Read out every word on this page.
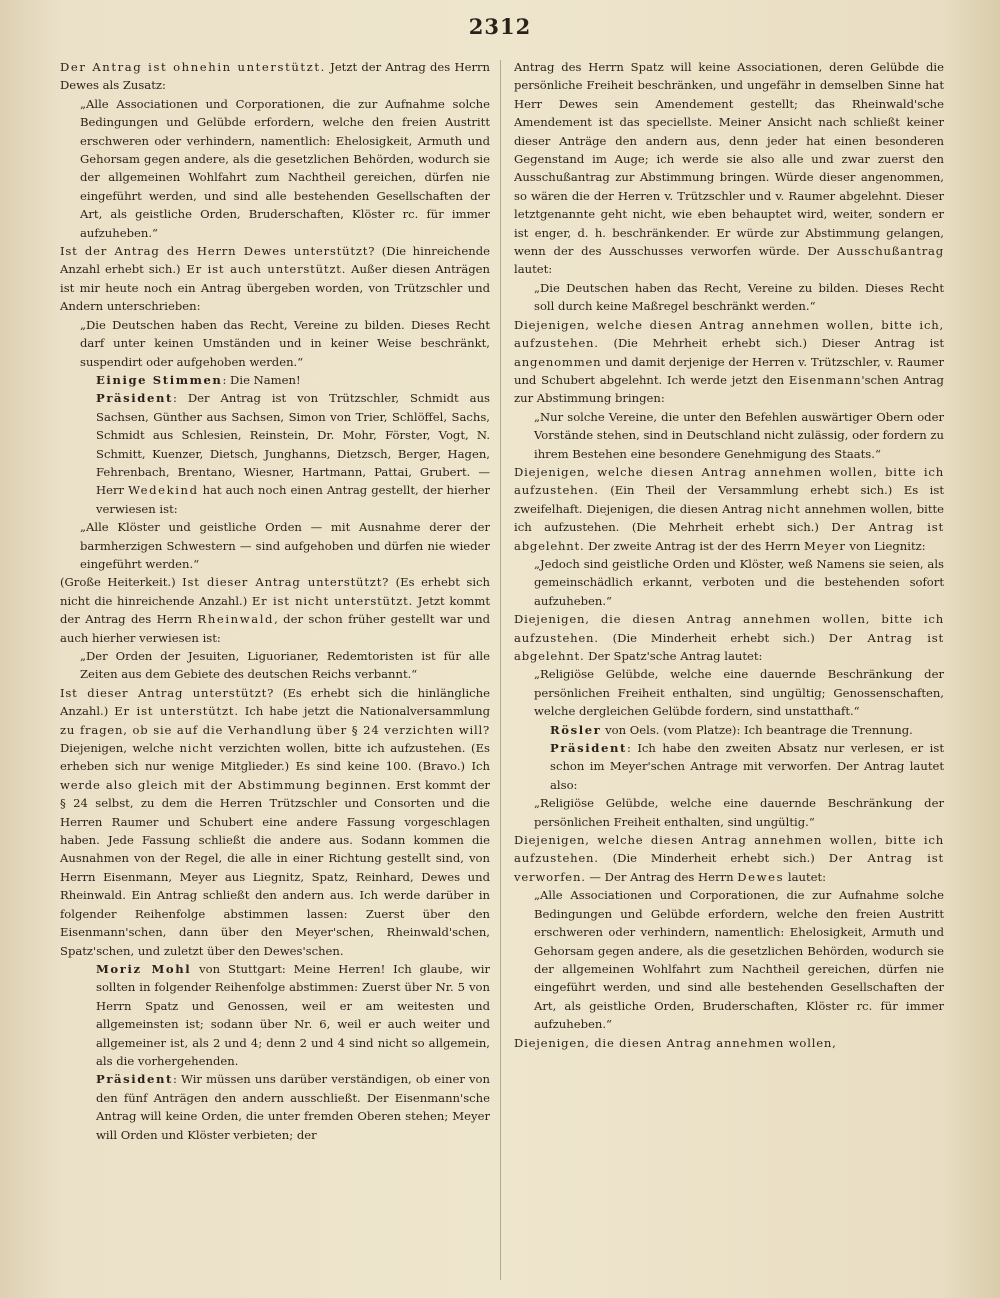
2312

Der Antrag ist ohnehin unterstützt. Jetzt der Antrag des Herrn Dewes als Zusatz:

„Alle Associationen und Corporationen, die zur Aufnahme solche Bedingungen und Gelübde erfordern, welche den freien Austritt erschweren oder verhindern, namentlich: Ehelosigkeit, Armuth und Gehorsam gegen andere, als die gesetzlichen Behörden, wodurch sie der allgemeinen Wohlfahrt zum Nachtheil gereichen, dürfen nie eingeführt werden, und sind alle bestehenden Gesellschaften der Art, als geistliche Orden, Bruderschaften, Klöster rc. für immer aufzuheben.“

Ist der Antrag des Herrn Dewes unterstützt? (Die hinreichende Anzahl erhebt sich.) Er ist auch unterstützt. Außer diesen Anträgen ist mir heute noch ein Antrag übergeben worden, von Trützschler und Andern unterschrieben:

„Die Deutschen haben das Recht, Vereine zu bilden. Dieses Recht darf unter keinen Umständen und in keiner Weise beschränkt, suspendirt oder aufgehoben werden.“

Einige Stimmen: Die Namen!

Präsident: Der Antrag ist von Trützschler, Schmidt aus Sachsen, Günther aus Sachsen, Simon von Trier, Schlöffel, Sachs, Schmidt aus Schlesien, Reinstein, Dr. Mohr, Förster, Vogt, N. Schmitt, Kuenzer, Dietsch, Junghanns, Dietzsch, Berger, Hagen, Fehrenbach, Brentano, Wiesner, Hartmann, Pattai, Grubert. — Herr Wedekind hat auch noch einen Antrag gestellt, der hierher verwiesen ist:

„Alle Klöster und geistliche Orden — mit Ausnahme derer der barmherzigen Schwestern — sind aufgehoben und dürfen nie wieder eingeführt werden.“

(Große Heiterkeit.) Ist dieser Antrag unterstützt? (Es erhebt sich nicht die hinreichende Anzahl.) Er ist nicht unterstützt. Jetzt kommt der Antrag des Herrn Rheinwald, der schon früher gestellt war und auch hierher verwiesen ist:

„Der Orden der Jesuiten, Liguorianer, Redemtoristen ist für alle Zeiten aus dem Gebiete des deutschen Reichs verbannt.“

Ist dieser Antrag unterstützt? (Es erhebt sich die hinlängliche Anzahl.) Er ist unterstützt. Ich habe jetzt die Nationalversammlung zu fragen, ob sie auf die Verhandlung über § 24 verzichten will? Diejenigen, welche nicht verzichten wollen, bitte ich aufzustehen. (Es erheben sich nur wenige Mitglieder.) Es sind keine 100. (Bravo.) Ich werde also gleich mit der Abstimmung beginnen. Erst kommt der § 24 selbst, zu dem die Herren Trützschler und Consorten und die Herren Raumer und Schubert eine andere Fassung vorgeschlagen haben. Jede Fassung schließt die andere aus. Sodann kommen die Ausnahmen von der Regel, die alle in einer Richtung gestellt sind, von Herrn Eisenmann, Meyer aus Liegnitz, Spatz, Reinhard, Dewes und Rheinwald. Ein Antrag schließt den andern aus. Ich werde darüber in folgender Reihenfolge abstimmen lassen: Zuerst über den Eisenmann'schen, dann über den Meyer'schen, Rheinwald'schen, Spatz'schen, und zuletzt über den Dewes'schen.

Moriz Mohl von Stuttgart: Meine Herren! Ich glaube, wir sollten in folgender Reihenfolge abstimmen: Zuerst über Nr. 5 von Herrn Spatz und Genossen, weil er am weitesten und allgemeinsten ist; sodann über Nr. 6, weil er auch weiter und allgemeiner ist, als 2 und 4; denn 2 und 4 sind nicht so allgemein, als die vorhergehenden.

Präsident: Wir müssen uns darüber verständigen, ob einer von den fünf Anträgen den andern ausschließt. Der Eisenmann'sche Antrag will keine Orden, die unter fremden Oberen stehen; Meyer will Orden und Klöster verbieten; der

Antrag des Herrn Spatz will keine Associationen, deren Gelübde die persönliche Freiheit beschränken, und ungefähr in demselben Sinne hat Herr Dewes sein Amendement gestellt; das Rheinwald'sche Amendement ist das speciellste. Meiner Ansicht nach schließt keiner dieser Anträge den andern aus, denn jeder hat einen besonderen Gegenstand im Auge; ich werde sie also alle und zwar zuerst den Ausschußantrag zur Abstimmung bringen. Würde dieser angenommen, so wären die der Herren v. Trützschler und v. Raumer abgelehnt. Dieser letztgenannte geht nicht, wie eben behauptet wird, weiter, sondern er ist enger, d. h. beschränkender. Er würde zur Abstimmung gelangen, wenn der des Ausschusses verworfen würde. Der Ausschußantrag lautet:

„Die Deutschen haben das Recht, Vereine zu bilden. Dieses Recht soll durch keine Maßregel beschränkt werden.“

Diejenigen, welche diesen Antrag annehmen wollen, bitte ich, aufzustehen. (Die Mehrheit erhebt sich.) Dieser Antrag ist angenommen und damit derjenige der Herren v. Trützschler, v. Raumer und Schubert abgelehnt. Ich werde jetzt den Eisenmann'schen Antrag zur Abstimmung bringen:

„Nur solche Vereine, die unter den Befehlen auswärtiger Obern oder Vorstände stehen, sind in Deutschland nicht zulässig, oder fordern zu ihrem Bestehen eine besondere Genehmigung des Staats.“

Diejenigen, welche diesen Antrag annehmen wollen, bitte ich aufzustehen. (Ein Theil der Versammlung erhebt sich.) Es ist zweifelhaft. Diejenigen, die diesen Antrag nicht annehmen wollen, bitte ich aufzustehen. (Die Mehrheit erhebt sich.) Der Antrag ist abgelehnt. Der zweite Antrag ist der des Herrn Meyer von Liegnitz:

„Jedoch sind geistliche Orden und Klöster, weß Namens sie seien, als gemeinschädlich erkannt, verboten und die bestehenden sofort aufzuheben.“

Diejenigen, die diesen Antrag annehmen wollen, bitte ich aufzustehen. (Die Minderheit erhebt sich.) Der Antrag ist abgelehnt. Der Spatz'sche Antrag lautet:

„Religiöse Gelübde, welche eine dauernde Beschränkung der persönlichen Freiheit enthalten, sind ungültig; Genossenschaften, welche dergleichen Gelübde fordern, sind unstatthaft.“

Rösler von Oels. (vom Platze): Ich beantrage die Trennung.

Präsident: Ich habe den zweiten Absatz nur verlesen, er ist schon im Meyer'schen Antrage mit verworfen. Der Antrag lautet also:

„Religiöse Gelübde, welche eine dauernde Beschränkung der persönlichen Freiheit enthalten, sind ungültig.“

Diejenigen, welche diesen Antrag annehmen wollen, bitte ich aufzustehen. (Die Minderheit erhebt sich.) Der Antrag ist verworfen. — Der Antrag des Herrn Dewes lautet:

„Alle Associationen und Corporationen, die zur Aufnahme solche Bedingungen und Gelübde erfordern, welche den freien Austritt erschweren oder verhindern, namentlich: Ehelosigkeit, Armuth und Gehorsam gegen andere, als die gesetzlichen Behörden, wodurch sie der allgemeinen Wohlfahrt zum Nachtheil gereichen, dürfen nie eingeführt werden, und sind alle bestehenden Gesellschaften der Art, als geistliche Orden, Bruderschaften, Klöster rc. für immer aufzuheben.“

Diejenigen, die diesen Antrag annehmen wollen,
